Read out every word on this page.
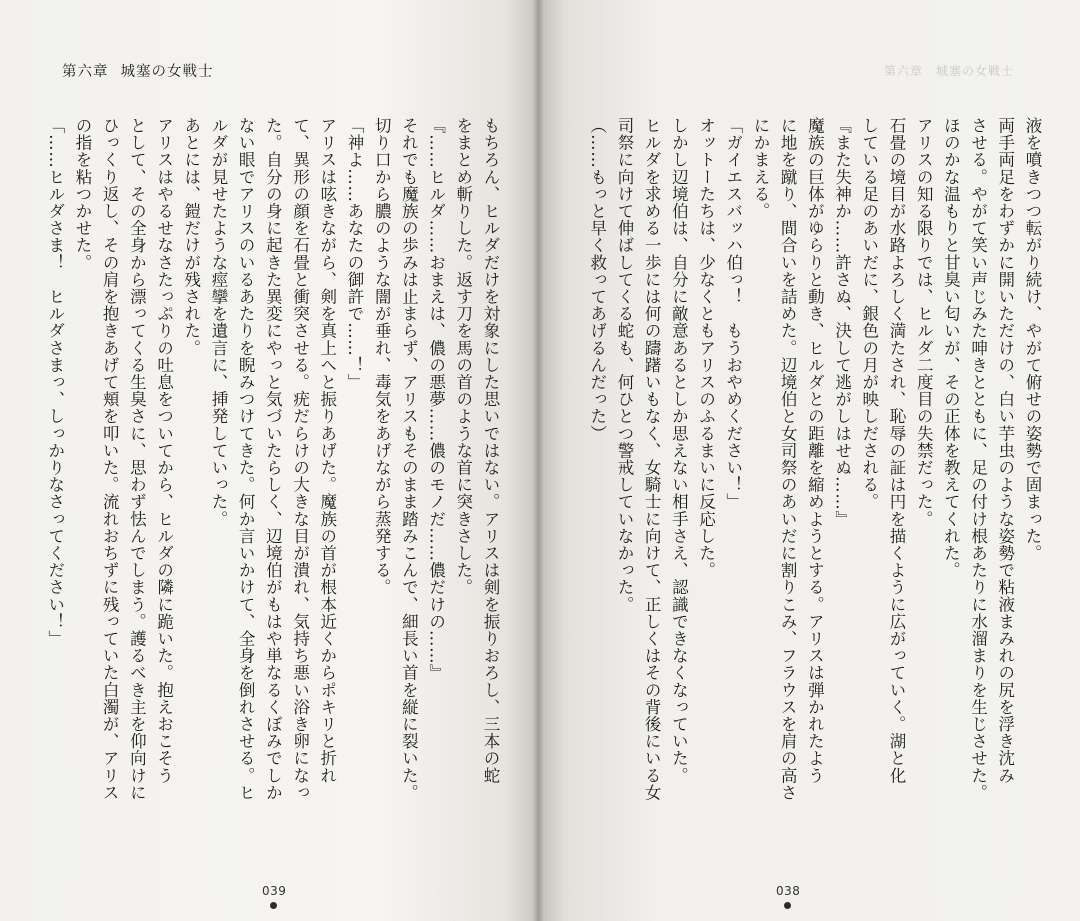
第六章 城塞の女戦士
もちろん、ヒルダだけを対象にした思いではない。アリスは剣を振りおろし、三本の蛇
をまとめ斬りした。返す刀を馬の首のような首に突きさした。
『……ヒルダ……おまえは、儂の悪夢……儂のモノだ……儂だけの……』
それでも魔族の歩みは止まらず、アリスもそのまま踏みこんで、細長い首を縦に裂いた。
切り口から膿のような闇が垂れ、毒気をあげながら蒸発する。
「神よ……あなたの御許で……！」
アリスは呟きながら、剣を真上へと振りあげた。魔族の首が根本近くからポキリと折れ
て、異形の顔を石畳と衝突させる。疣だらけの大きな目が潰れ、気持ち悪い浴き卵になっ
た。自分の身に起きた異変にやっと気づいたらしく、辺境伯がもはや単なるくぼみでしか
ない眼でアリスのいるあたりを睨みつけてきた。何か言いかけて、全身を倒れさせる。ヒ
ルダが見せたような痙攣を遺言に、挿発していった。
あとには、鎧だけが残された。
アリスはやるせなさたっぷりの吐息をついてから、ヒルダの隣に跪いた。抱えおこそう
として、その全身から漂ってくる生臭さに、思わず怯んでしまう。護るべき主を仰向けに
ひっくり返し、その肩を抱きあげて頬を叩いた。流れおちずに残っていた白濁が、アリス
の指を粘つかせた。
「……ヒルダさま！　ヒルダさまっ、しっかりなさってください！」
039
第六章　城塞の女戦士
液を噴きつつ転がり続け、やがて俯せの姿勢で固まった。
両手両足をわずかに開いただけの、白い芋虫のような姿勢で粘液まみれの尻を浮き沈み
させる。やがて笑い声じみた呻きとともに、足の付け根あたりに水溜まりを生じさせた。
ほのかな温もりと甘臭い匂いが、その正体を教えてくれた。
アリスの知る限りでは、ヒルダ二度目の失禁だった。
石畳の境目が水路よろしく満たされ、恥辱の証は円を描くように広がっていく。湖と化
している足のあいだに、銀色の月が映しだされる。
『また失神か……許さぬ、決して逃がしはせぬ……』
魔族の巨体がゆらりと動き、ヒルダとの距離を縮めようとする。アリスは弾かれたよう
に地を蹴り、間合いを詰めた。辺境伯と女司祭のあいだに割りこみ、フラウスを肩の高さ
にかまえる。
「ガイエスバッハ伯っ！　もうおやめください！」
オットーたちは、少なくともアリスのふるまいに反応した。
しかし辺境伯は、自分に敵意あるとしか思えない相手さえ、認識できなくなっていた。
ヒルダを求める一歩には何の躊躇いもなく、女騎士に向けて、正しくはその背後にいる女
司祭に向けて伸ばしてくる蛇も、何ひとつ警戒していなかった。
（……もっと早く救ってあげるんだった）
038
